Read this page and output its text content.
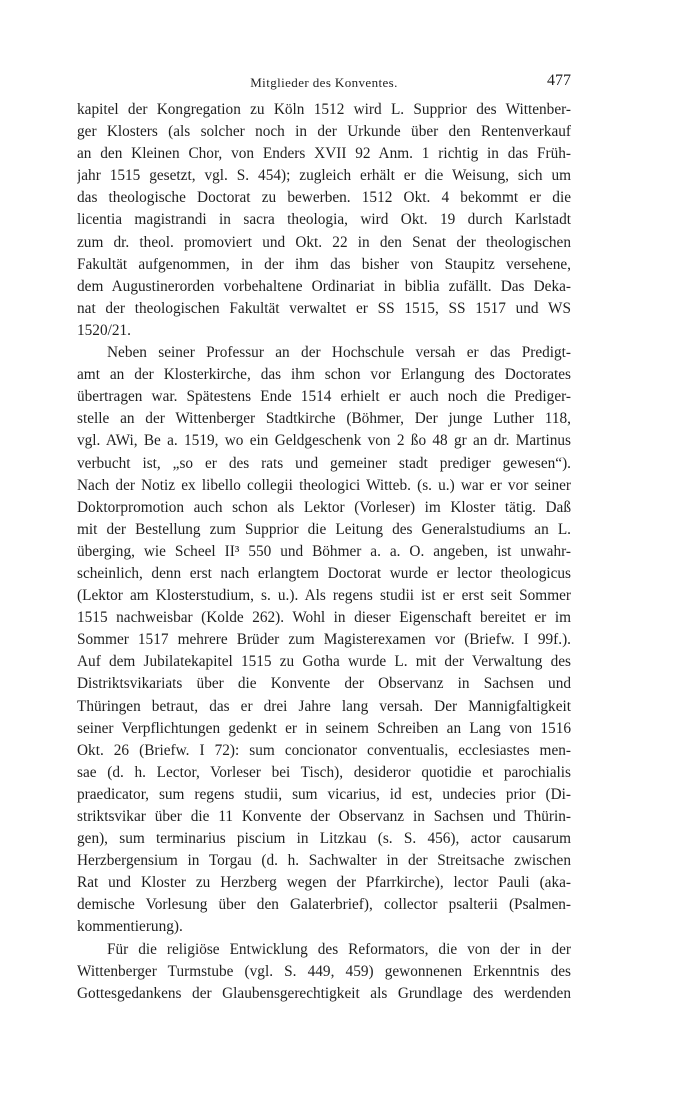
Mitglieder des Konventes.	477
kapitel der Kongregation zu Köln 1512 wird L. Supprior des Wittenber-
ger Klosters (als solcher noch in der Urkunde über den Rentenverkauf
an den Kleinen Chor, von Enders XVII 92 Anm. 1 richtig in das Früh-
jahr 1515 gesetzt, vgl. S. 454); zugleich erhält er die Weisung, sich um
das theologische Doctorat zu bewerben. 1512 Okt. 4 bekommt er die
licentia magistrandi in sacra theologia, wird Okt. 19 durch Karlstadt
zum dr. theol. promoviert und Okt. 22 in den Senat der theologischen
Fakultät aufgenommen, in der ihm das bisher von Staupitz versehene,
dem Augustinerorden vorbehaltene Ordinariat in biblia zufällt. Das Deka-
nat der theologischen Fakultät verwaltet er SS 1515, SS 1517 und WS
1520/21.
Neben seiner Professur an der Hochschule versah er das Predigt-
amt an der Klosterkirche, das ihm schon vor Erlangung des Doctorates
übertragen war. Spätestens Ende 1514 erhielt er auch noch die Prediger-
stelle an der Wittenberger Stadtkirche (Böhmer, Der junge Luther 118,
vgl. AWi, Be a. 1519, wo ein Geldgeschenk von 2 ßo 48 gr an dr. Martinus
verbucht ist, „so er des rats und gemeiner stadt prediger gewesen“).
Nach der Notiz ex libello collegii theologici Witteb. (s. u.) war er vor seiner
Doktorpromotion auch schon als Lektor (Vorleser) im Kloster tätig. Daß
mit der Bestellung zum Supprior die Leitung des Generalstudiums an L.
überging, wie Scheel II³ 550 und Böhmer a. a. O. angeben, ist unwahr-
scheinlich, denn erst nach erlangtem Doctorat wurde er lector theologicus
(Lektor am Klosterstudium, s. u.). Als regens studii ist er erst seit Sommer
1515 nachweisbar (Kolde 262). Wohl in dieser Eigenschaft bereitet er im
Sommer 1517 mehrere Brüder zum Magisterexamen vor (Briefw. I 99f.).
Auf dem Jubilatekapitel 1515 zu Gotha wurde L. mit der Verwaltung des
Distriktsvikariats über die Konvente der Observanz in Sachsen und
Thüringen betraut, das er drei Jahre lang versah. Der Mannigfaltigkeit
seiner Verpflichtungen gedenkt er in seinem Schreiben an Lang von 1516
Okt. 26 (Briefw. I 72): sum concionator conventualis, ecclesiastes men-
sae (d. h. Lector, Vorleser bei Tisch), desideror quotidie et parochialis
praedicator, sum regens studii, sum vicarius, id est, undecies prior (Di-
striktsvikar über die 11 Konvente der Observanz in Sachsen und Thürin-
gen), sum terminarius piscium in Litzkau (s. S. 456), actor causarum
Herzbergensium in Torgau (d. h. Sachwalter in der Streitsache zwischen
Rat und Kloster zu Herzberg wegen der Pfarrkirche), lector Pauli (aka-
demische Vorlesung über den Galaterbrief), collector psalterii (Psalmen-
kommentierung).
Für die religiöse Entwicklung des Reformators, die von der in der
Wittenberger Turmstube (vgl. S. 449, 459) gewonnenen Erkenntnis des
Gottesgedankens der Glaubensgerechtigkeit als Grundlage des werdenden
